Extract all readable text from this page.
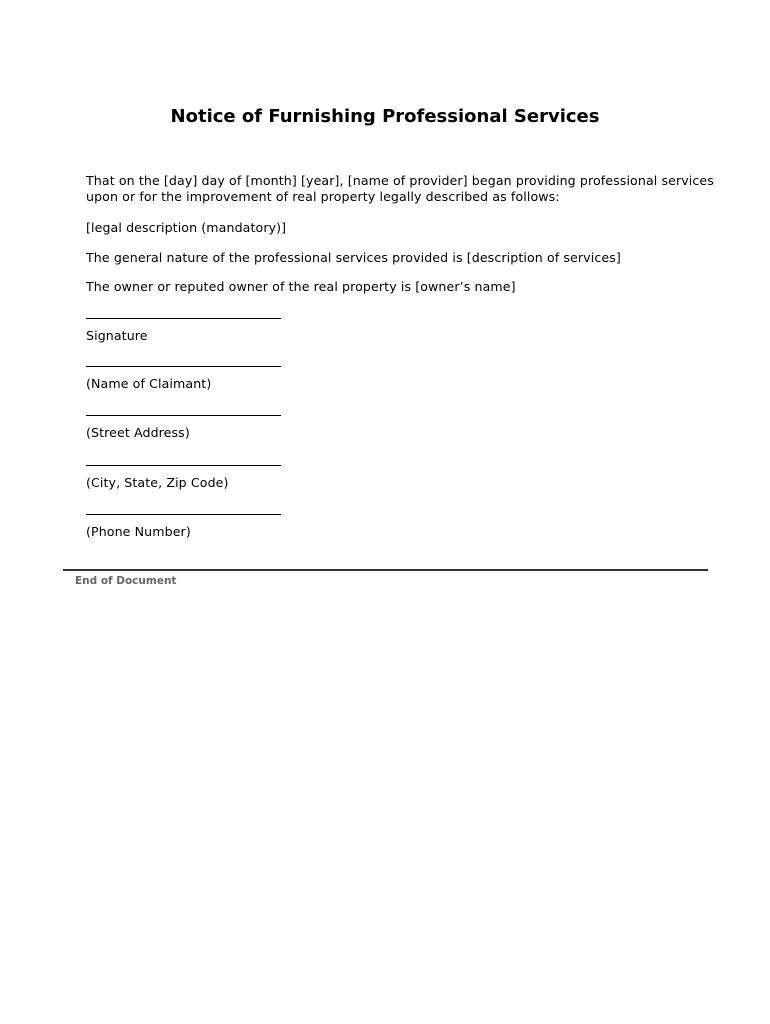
Notice of Furnishing Professional Services

That on the [day] day of [month] [year], [name of provider] began providing professional services upon or for the improvement of real property legally described as follows:

[legal description (mandatory)]

The general nature of the professional services provided is [description of services]

The owner or reputed owner of the real property is [owner’s name]

Signature
(Name of Claimant)
(Street Address)
(City, State, Zip Code)
(Phone Number)
End of Document
